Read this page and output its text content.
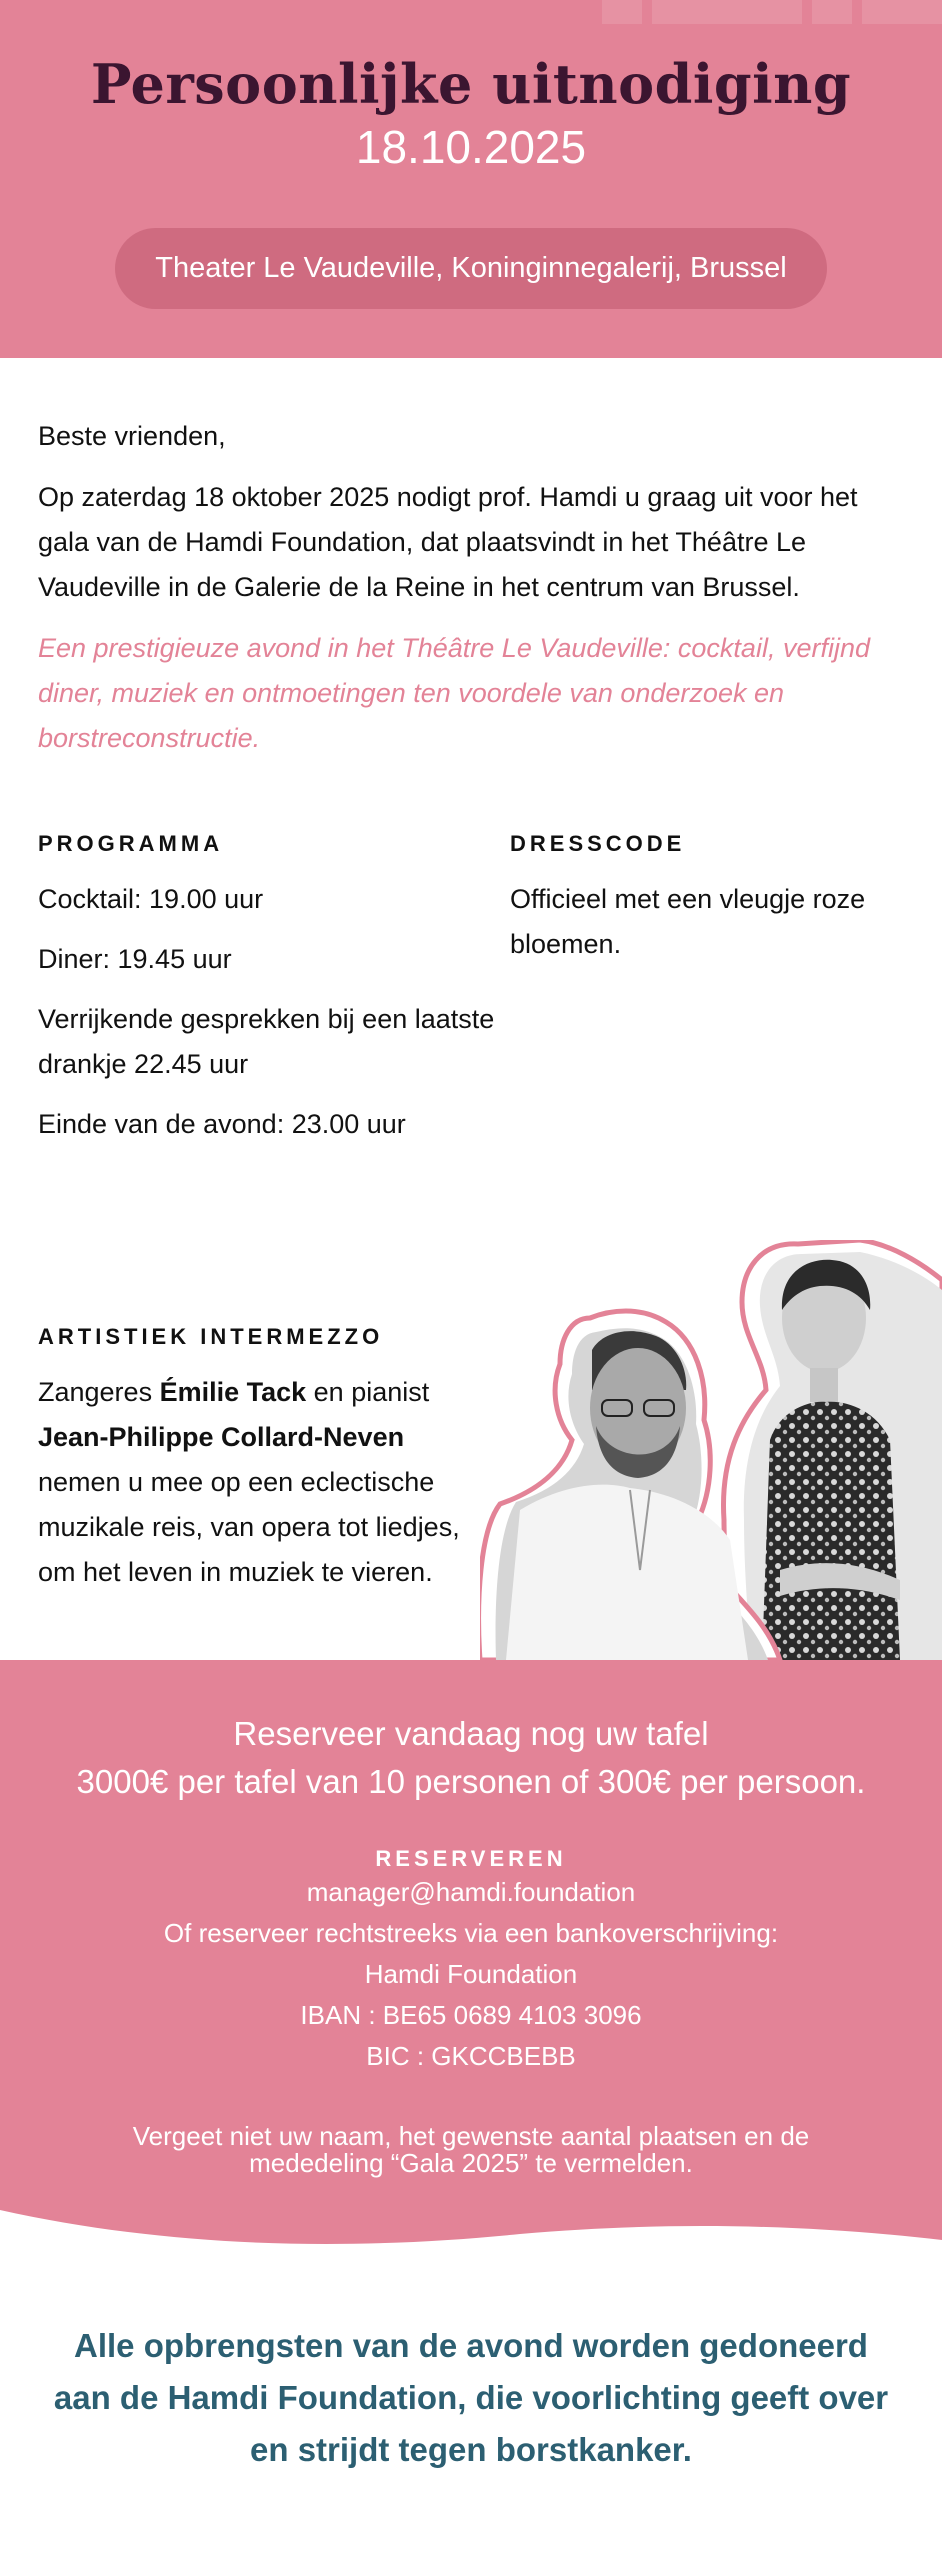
Persoonlijke uitnodiging
18.10.2025
Theater Le Vaudeville, Koninginnegalerij, Brussel

Beste vrienden,

Op zaterdag 18 oktober 2025 nodigt prof. Hamdi u graag uit voor het gala van de Hamdi Foundation, dat plaatsvindt in het Théâtre Le Vaudeville in de Galerie de la Reine in het centrum van Brussel.

Een prestigieuze avond in het Théâtre Le Vaudeville: cocktail, verfijnd diner, muziek en ontmoetingen ten voordele van onderzoek en borstreconstructie.

PROGRAMMA
Cocktail: 19.00 uur
Diner: 19.45 uur
Verrijkende gesprekken bij een laatste drankje 22.45 uur
Einde van de avond: 23.00 uur
DRESSCODE

Officieel met een vleugje roze bloemen.

ARTISTIEK INTERMEZZO

Zangeres Émilie Tack en pianist Jean-Philippe Collard-Neven nemen u mee op een eclectische muzikale reis, van opera tot liedjes, om het leven in muziek te vieren.

Reserveer vandaag nog uw tafel
3000€ per tafel van 10 personen of 300€ per persoon.
RESERVEREN
manager@hamdi.foundation
Of reserveer rechtstreeks via een bankoverschrijving:
Hamdi Foundation
IBAN : BE65 0689 4103 3096
BIC : GKCCBEBB
Vergeet niet uw naam, het gewenste aantal plaatsen en de mededeling “Gala 2025” te vermelden.
Alle opbrengsten van de avond worden gedoneerd aan de Hamdi Foundation, die voorlichting geeft over en strijdt tegen borstkanker.
